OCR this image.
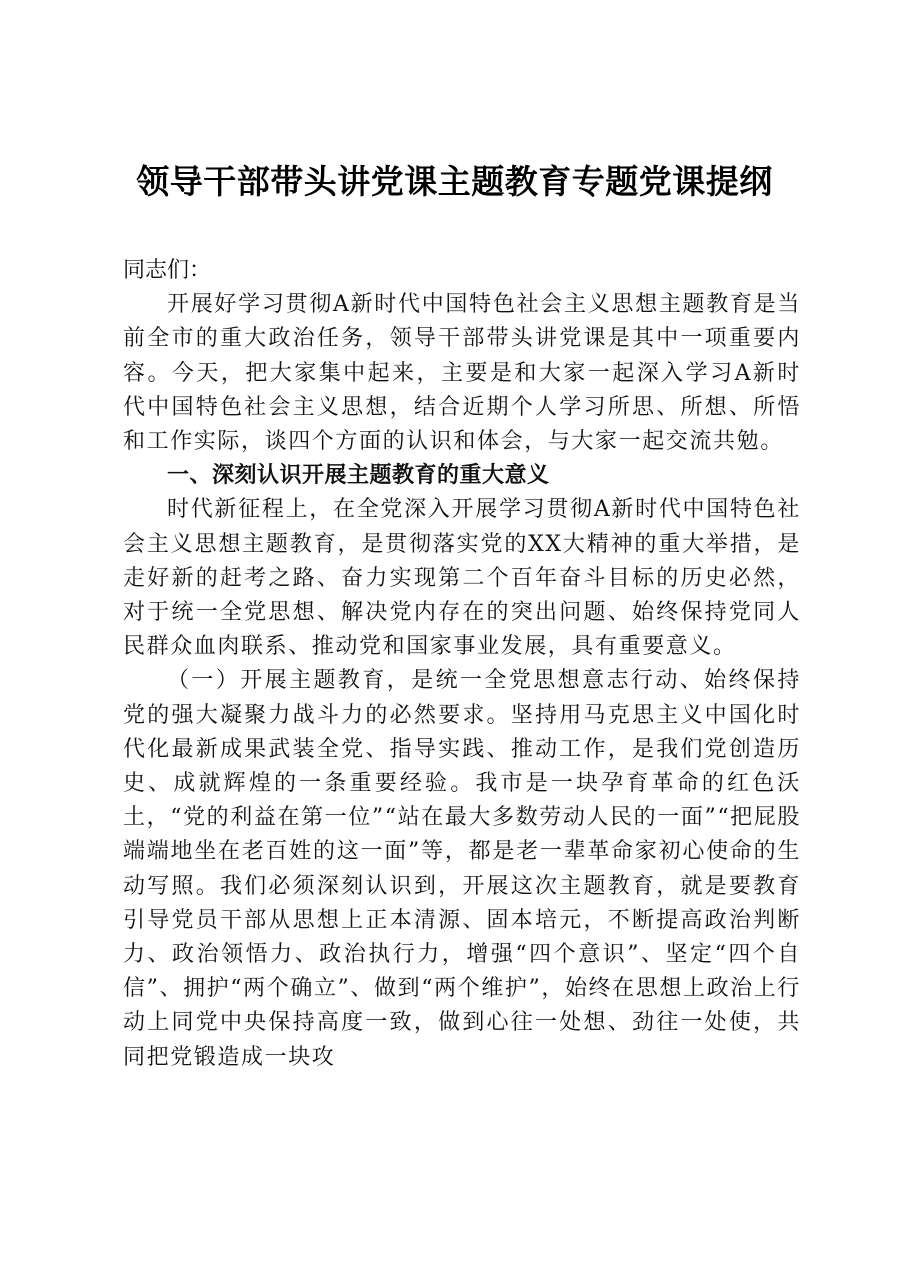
领导干部带头讲党课主题教育专题党课提纲

同志们：

开展好学习贯彻A新时代中国特色社会主义思想主题教育是当前全市的重大政治任务，领导干部带头讲党课是其中一项重要内容。今天，把大家集中起来，主要是和大家一起深入学习A新时代中国特色社会主义思想，结合近期个人学习所思、所想、所悟和工作实际，谈四个方面的认识和体会，与大家一起交流共勉。

一、深刻认识开展主题教育的重大意义

时代新征程上，在全党深入开展学习贯彻A新时代中国特色社会主义思想主题教育，是贯彻落实党的XX大精神的重大举措，是走好新的赶考之路、奋力实现第二个百年奋斗目标的历史必然，对于统一全党思想、解决党内存在的突出问题、始终保持党同人民群众血肉联系、推动党和国家事业发展，具有重要意义。

（一）开展主题教育，是统一全党思想意志行动、始终保持党的强大凝聚力战斗力的必然要求。坚持用马克思主义中国化时代化最新成果武装全党、指导实践、推动工作，是我们党创造历史、成就辉煌的一条重要经验。我市是一块孕育革命的红色沃土，“党的利益在第一位”“站在最大多数劳动人民的一面”“把屁股端端地坐在老百姓的这一面”等，都是老一辈革命家初心使命的生动写照。我们必须深刻认识到，开展这次主题教育，就是要教育引导党员干部从思想上正本清源、固本培元，不断提高政治判断力、政治领悟力、政治执行力，增强“四个意识”、坚定“四个自信”、拥护“两个确立”、做到“两个维护”，始终在思想上政治上行动上同党中央保持高度一致，做到心往一处想、劲往一处使，共同把党锻造成一块攻
